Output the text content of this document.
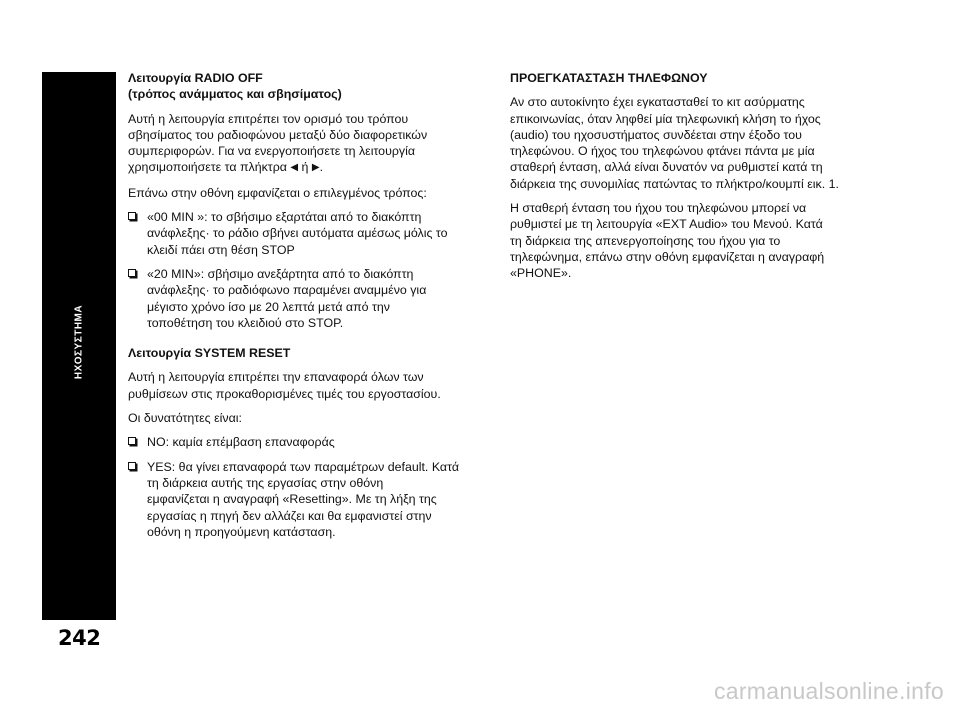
ΗΧΟΣΥΣΤΗΜΑ
242
Λειτουργία RADIO OFF
(τρόπος ανάμματος και σβησίματος)

Αυτή η λειτουργία επιτρέπει τον ορισμό του τρόπου
σβησίματος του ραδιοφώνου μεταξύ δύο διαφορετικών
συμπεριφορών. Για να ενεργοποιήσετε τη λειτουργία
χρησιμοποιήσετε τα πλήκτρα ◀ ή ▶.

Επάνω στην οθόνη εμφανίζεται ο επιλεγμένος τρόπος:

«00 MIN »: το σβήσιμο εξαρτάται από το διακόπτη
ανάφλεξης· το ράδιο σβήνει αυτόματα αμέσως μόλις το
κλειδί πάει στη θέση STOP
«20 MIN»: σβήσιμο ανεξάρτητα από το διακόπτη
ανάφλεξης· το ραδιόφωνο παραμένει αναμμένο για
μέγιστο χρόνο ίσο με 20 λεπτά μετά από την
τοποθέτηση του κλειδιού στο STOP.
Λειτουργία SYSTEM RESET

Αυτή η λειτουργία επιτρέπει την επαναφορά όλων των
ρυθμίσεων στις προκαθορισμένες τιμές του εργοστασίου.

Οι δυνατότητες είναι:

NO: καμία επέμβαση επαναφοράς
YES: θα γίνει επαναφορά των παραμέτρων default. Κατά
τη διάρκεια αυτής της εργασίας στην οθόνη
εμφανίζεται η αναγραφή «Resetting». Με τη λήξη της
εργασίας η πηγή δεν αλλάζει και θα εμφανιστεί στην
οθόνη η προηγούμενη κατάσταση.
ΠΡΟΕΓΚΑΤΑΣΤΑΣΗ ΤΗΛΕΦΩΝΟΥ

Αν στο αυτοκίνητο έχει εγκατασταθεί το κιτ ασύρματης
επικοινωνίας, όταν ληφθεί μία τηλεφωνική κλήση το ήχος
(audio) του ηχοσυστήματος συνδέεται στην έξοδο του
τηλεφώνου. Ο ήχος του τηλεφώνου φτάνει πάντα με μία
σταθερή ένταση, αλλά είναι δυνατόν να ρυθμιστεί κατά τη
διάρκεια της συνομιλίας πατώντας το πλήκτρο/κουμπί εικ. 1.

Η σταθερή ένταση του ήχου του τηλεφώνου μπορεί να
ρυθμιστεί με τη λειτουργία «EXT Audio» του Μενού. Κατά
τη διάρκεια της απενεργοποίησης του ήχου για το
τηλεφώνημα, επάνω στην οθόνη εμφανίζεται η αναγραφή
«PHONE».

carmanualsonline.info
